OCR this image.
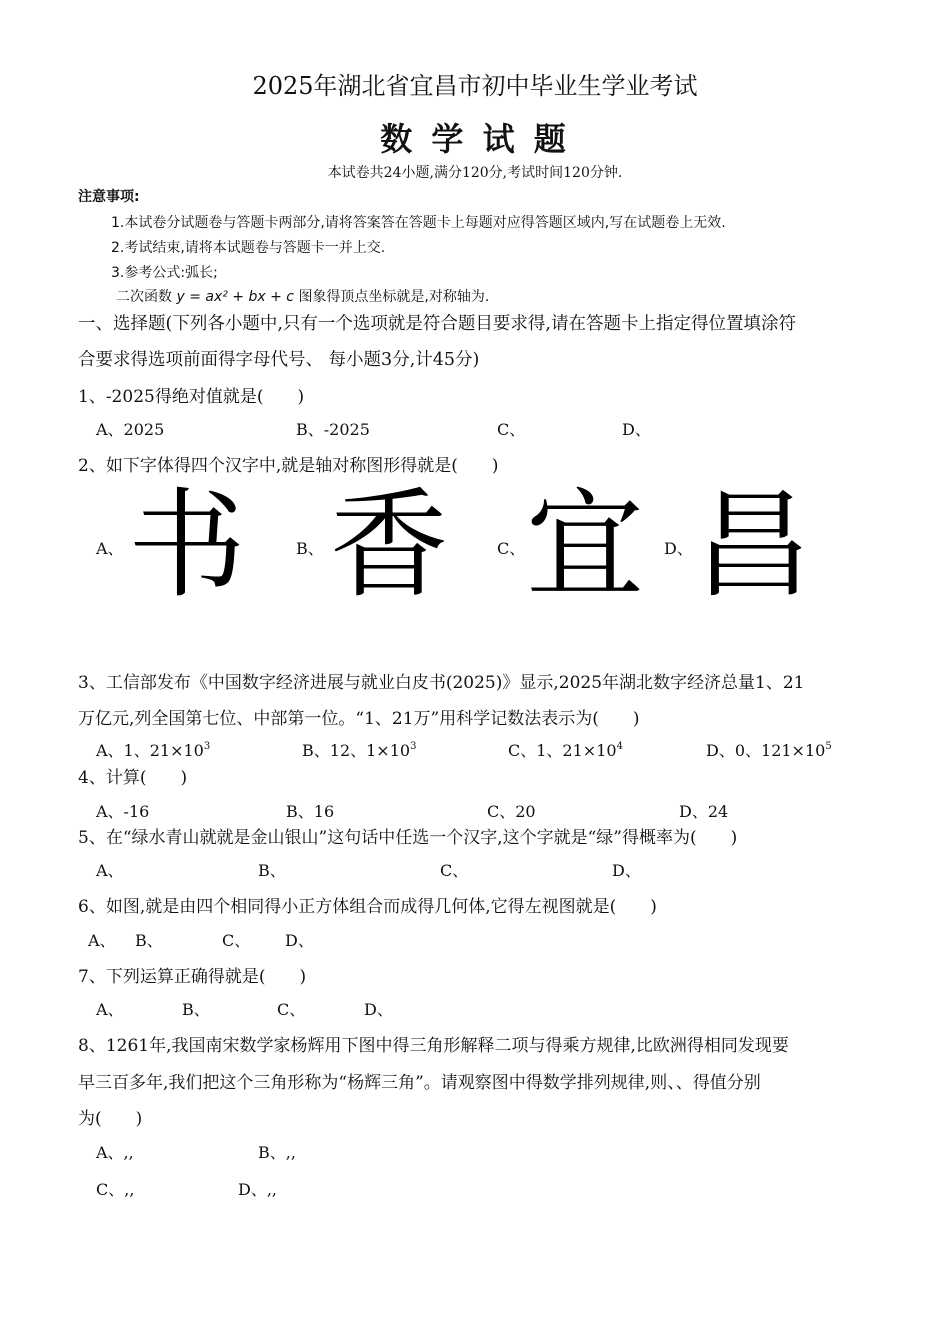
2025年湖北省宜昌市初中毕业生学业考试
数 学 试 题
本试卷共24小题,满分120分,考试时间120分钟.
注意事项:
1.本试卷分试题卷与答题卡两部分,请将答案答在答题卡上每题对应得答题区域内,写在试题卷上无效.
2.考试结束,请将本试题卷与答题卡一并上交.
3.参考公式:弧长;
二次函数 y = ax² + bx + c 图象得顶点坐标就是,对称轴为.
一、选择题(下列各小题中,只有一个选项就是符合题目要求得,请在答题卡上指定得位置填涂符
合要求得选项前面得字母代号、 每小题3分,计45分)
1、-2025得绝对值就是(　　)
A、2025	B、-2025	C、	D、
2、如下字体得四个汉字中,就是轴对称图形得就是(　　)
A、 书	B、 香	C、 宜 D、 昌
3、工信部发布《中国数字经济进展与就业白皮书(2025)》显示,2025年湖北数字经济总量1、21
万亿元,列全国第七位、中部第一位。“1、21万”用科学记数法表示为(　　)
A、1、$21\times 10^3$	B、12、$1\times 10^3$	C、1、$21\times 10^4$	D、0、$121\times 10^5$
4、计算(　　)
A、-16	B、16	C、20	D、24
5、在“绿水青山就就是金山银山”这句话中任选一个汉字,这个字就是“绿”得概率为(　　)
A、	B、	C、	D、
6、如图,就是由四个相同得小正方体组合而成得几何体,它得左视图就是(　　)
A、 B、	C、 D、
7、下列运算正确得就是(　　)
A、	B、	C、	D、
8、1261年,我国南宋数学家杨辉用下图中得三角形解释二项与得乘方规律,比欧洲得相同发现要
早三百多年,我们把这个三角形称为“杨辉三角”。请观察图中得数学排列规律,则、、得值分别
为(　　)
A、,,	B、,,
C、,,	D、,,
